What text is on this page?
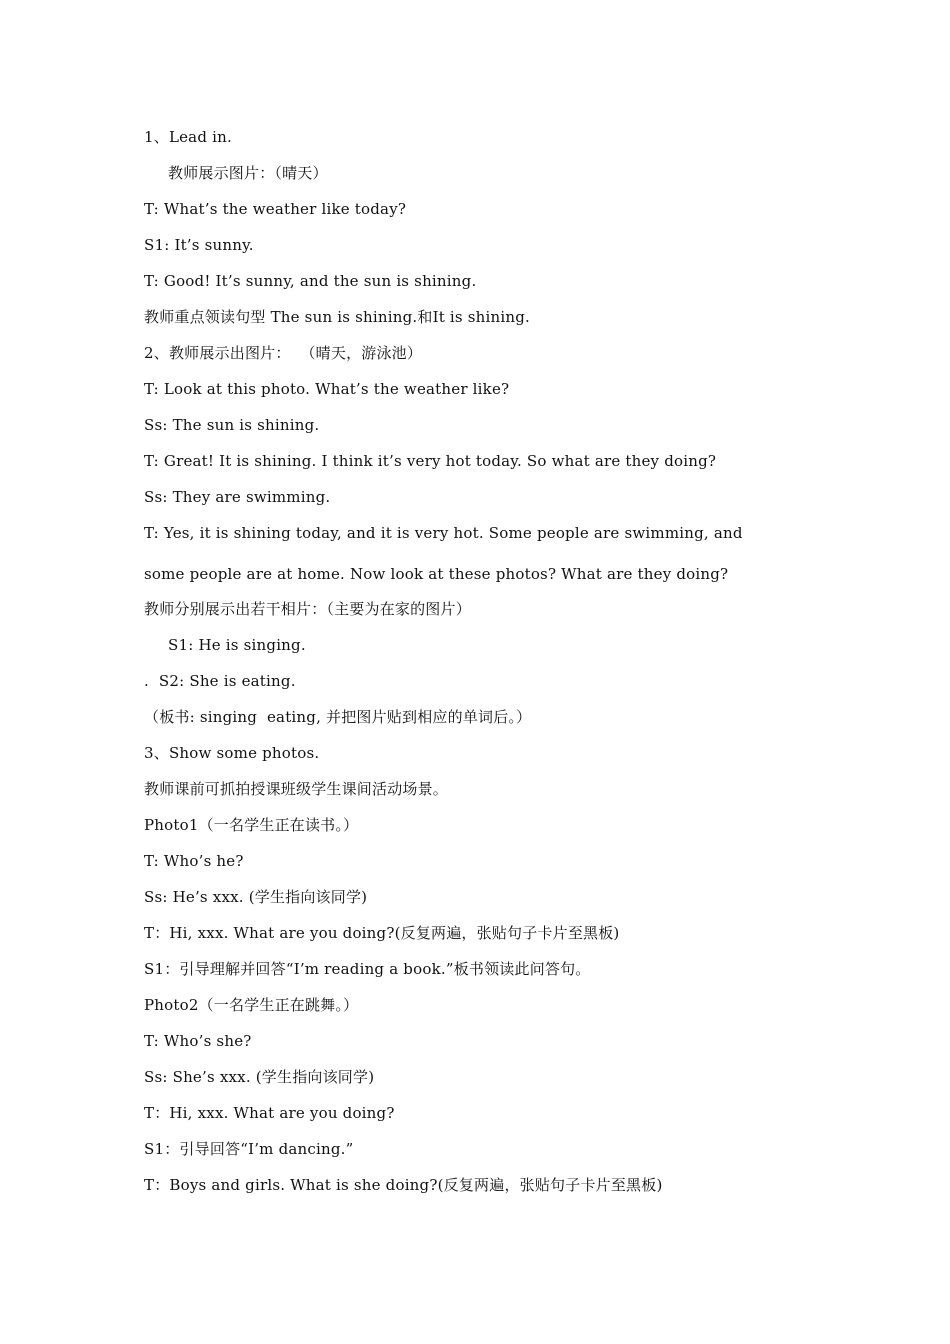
1、Lead in.
教师展示图片：（晴天）
T: What’s the weather like today?
S1: It’s sunny.
T: Good! It’s sunny, and the sun is shining.
教师重点领读句型 The sun is shining.和It is shining.
2、教师展示出图片：  （晴天，游泳池）
T: Look at this photo. What’s the weather like?
Ss: The sun is shining.
T: Great! It is shining. I think it’s very hot today. So what are they doing?
Ss: They are swimming.
T: Yes, it is shining today, and it is very hot. Some people are swimming, and
some people are at home. Now look at these photos? What are they doing?
教师分别展示出若干相片：（主要为在家的图片）
S1: He is singing.
.  S2: She is eating.
（板书: singing  eating, 并把图片贴到相应的单词后。）
3、Show some photos.
教师课前可抓拍授课班级学生课间活动场景。
Photo1（一名学生正在读书。）
T: Who’s he?
Ss: He’s xxx. (学生指向该同学)
T：Hi, xxx. What are you doing?(反复两遍，张贴句子卡片至黑板)
S1：引导理解并回答“I’m reading a book.”板书领读此问答句。
Photo2（一名学生正在跳舞。）
T: Who’s she?
Ss: She’s xxx. (学生指向该同学)
T：Hi, xxx. What are you doing?
S1：引导回答“I’m dancing.”
T：Boys and girls. What is she doing?(反复两遍，张贴句子卡片至黑板)
